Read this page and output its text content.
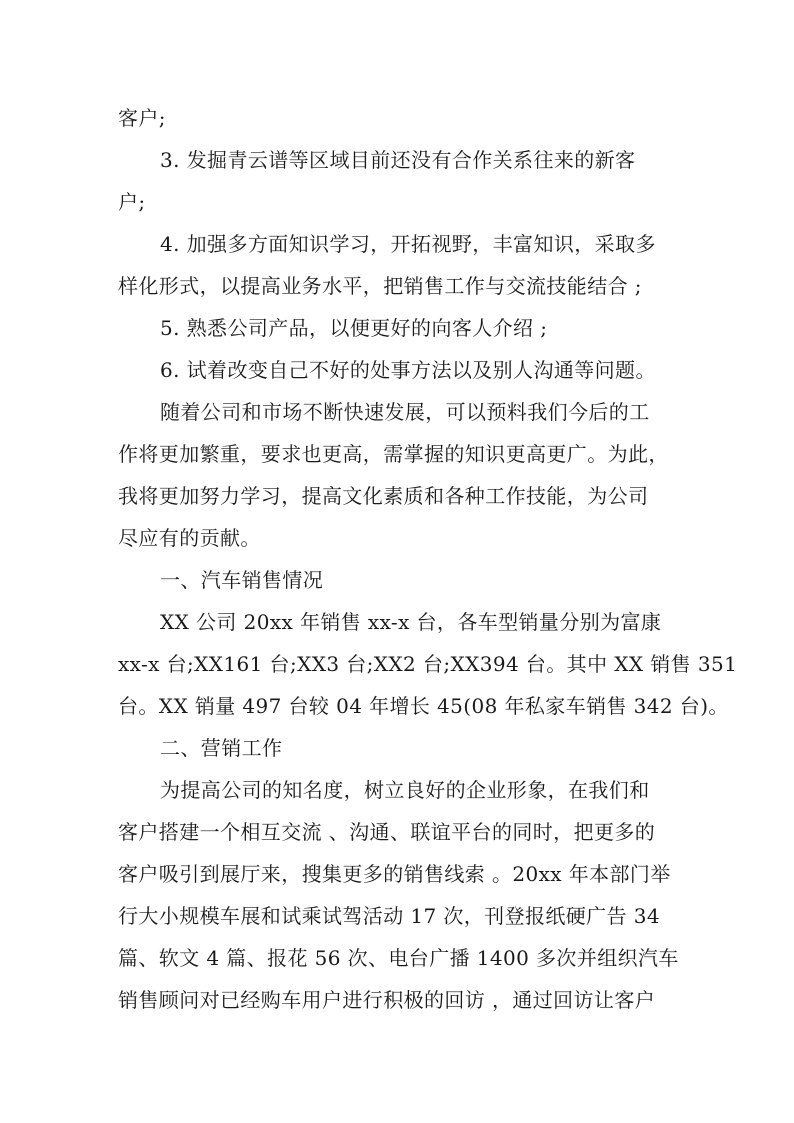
客户;
3. 发掘青云谱等区域目前还没有合作关系往来的新客
户;
4. 加强多方面知识学习，开拓视野，丰富知识，采取多
样化形式，以提高业务水平，把销售工作与交流技能结合 ;
5. 熟悉公司产品，以便更好的向客人介绍 ;
6. 试着改变自己不好的处事方法以及别人沟通等问题。
随着公司和市场不断快速发展，可以预料我们今后的工
作将更加繁重，要求也更高，需掌握的知识更高更广。为此，
我将更加努力学习，提高文化素质和各种工作技能，为公司
尽应有的贡献。
一、汽车销售情况
XX 公司 20xx 年销售 xx-x 台，各车型销量分别为富康
xx-x 台;XX161 台;XX3 台;XX2 台;XX394 台。其中 XX 销售 351
台。XX 销量 497 台较 04 年增长 45(08 年私家车销售 342 台)。
二、营销工作
为提高公司的知名度，树立良好的企业形象，在我们和
客户搭建一个相互交流 、沟通、联谊平台的同时，把更多的
客户吸引到展厅来，搜集更多的销售线索 。20xx 年本部门举
行大小规模车展和试乘试驾活动 17 次，刊登报纸硬广告 34
篇、软文 4 篇、报花 56 次、电台广播 1400 多次并组织汽车
销售顾问对已经购车用户进行积极的回访 ，通过回访让客户
